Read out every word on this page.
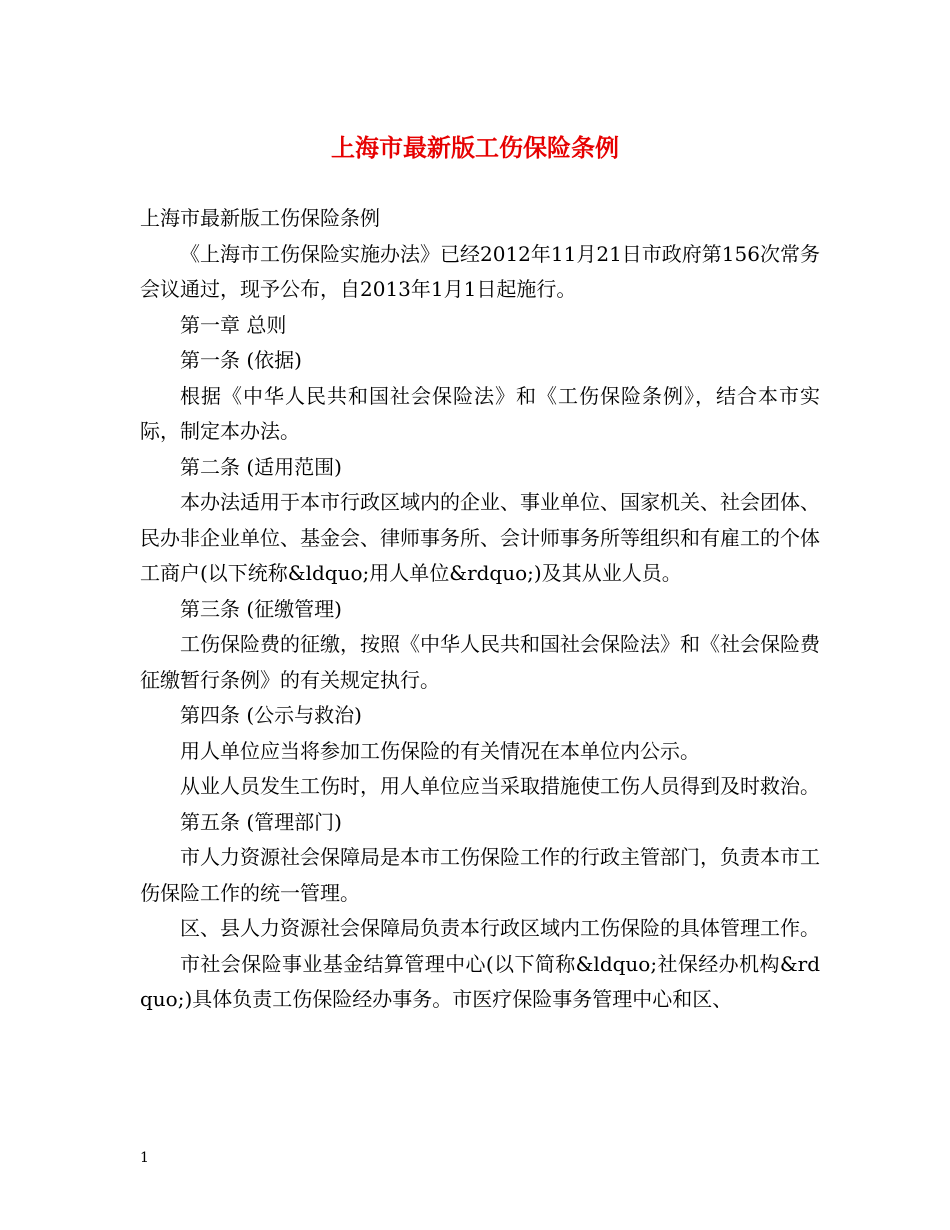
上海市最新版工伤保险条例

上海市最新版工伤保险条例

《上海市工伤保险实施办法》已经2012年11月21日市政府第156次常务会议通过，现予公布，自2013年1月1日起施行。

第一章 总则

第一条 (依据)

根据《中华人民共和国社会保险法》和《工伤保险条例》，结合本市实际，制定本办法。

第二条 (适用范围)

本办法适用于本市行政区域内的企业、事业单位、国家机关、社会团体、民办非企业单位、基金会、律师事务所、会计师事务所等组织和有雇工的个体工商户(以下统称&ldquo;用人单位&rdquo;)及其从业人员。

第三条 (征缴管理)

工伤保险费的征缴，按照《中华人民共和国社会保险法》和《社会保险费征缴暂行条例》的有关规定执行。

第四条 (公示与救治)

用人单位应当将参加工伤保险的有关情况在本单位内公示。

从业人员发生工伤时，用人单位应当采取措施使工伤人员得到及时救治。

第五条 (管理部门)

市人力资源社会保障局是本市工伤保险工作的行政主管部门，负责本市工伤保险工作的统一管理。

区、县人力资源社会保障局负责本行政区域内工伤保险的具体管理工作。

市社会保险事业基金结算管理中心(以下简称&ldquo;社保经办机构&rdquo;)具体负责工伤保险经办事务。市医疗保险事务管理中心和区、

1
